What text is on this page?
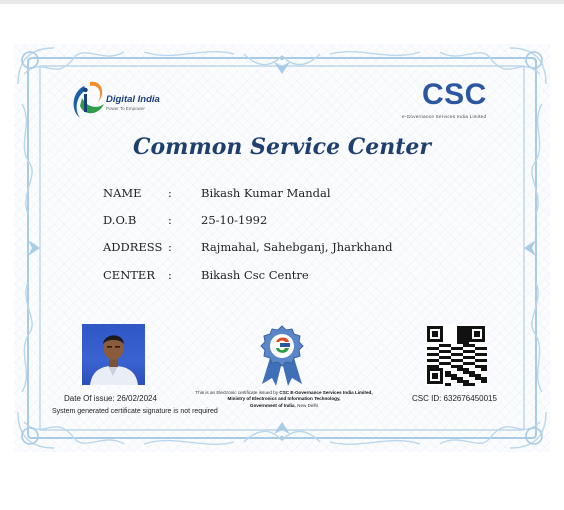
Digital India
Power To Empower	CSC
e-Governance Services India Limited
Common Service Center
NAME :	Bikash Kumar Mandal
D.O.B	:	25-10-1992
ADDRESS :	Rajmahal, Sahebganj, Jharkhand
CENTER :	Bikash Csc Centre
Date Of issue: 26/02/2024
System generated certificate signature is not required
This is an Electronic certificate issued by CSC E-Governance Services India Limited,
Ministry of Electronics and Information Technology,
Government of India, New Delhi
CSC ID: 632676450015
